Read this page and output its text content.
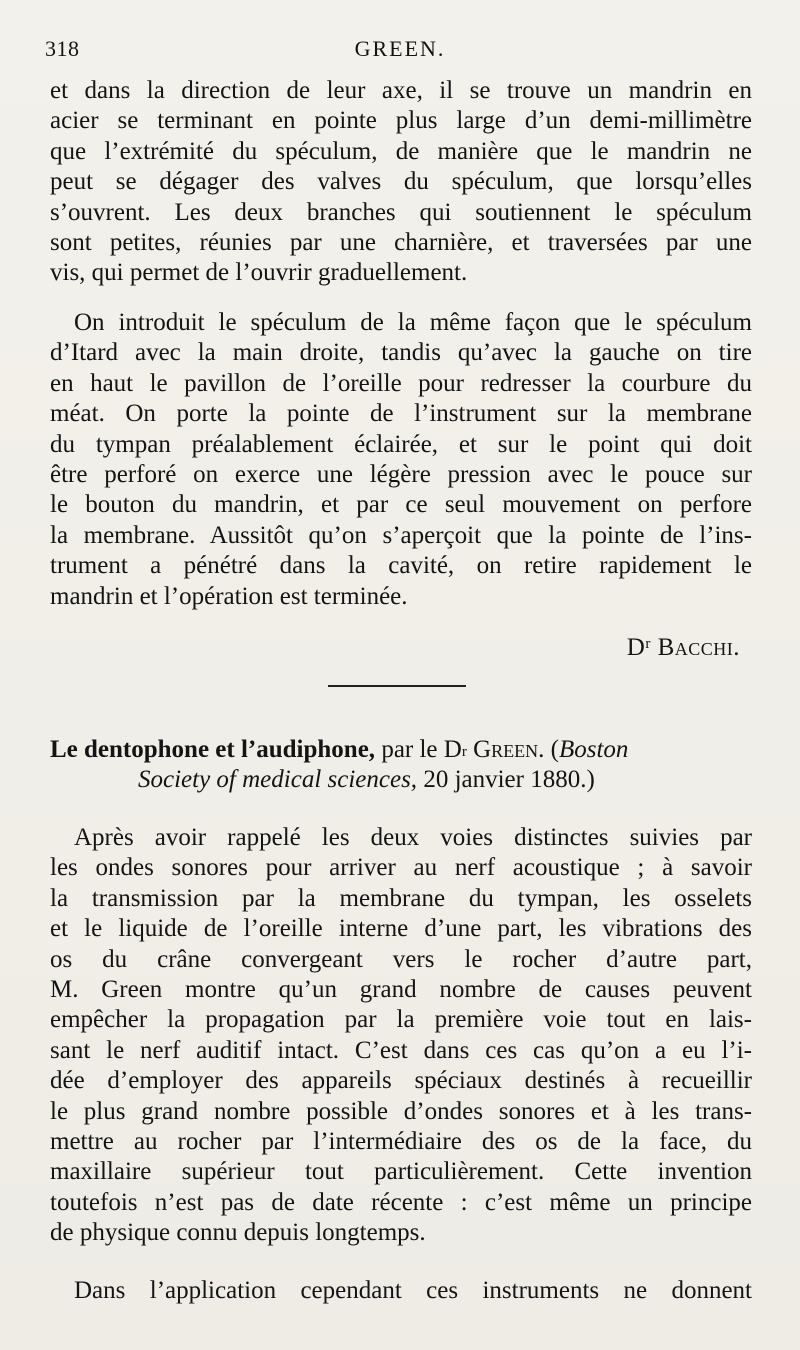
318	GREEN.

et dans la direction de leur axe, il se trouve un mandrin en
acier se terminant en pointe plus large d’un demi-millimètre
que l’extrémité du spéculum, de manière que le mandrin ne
peut se dégager des valves du spéculum, que lorsqu’elles
s’ouvrent. Les deux branches qui soutiennent le spéculum
sont petites, réunies par une charnière, et traversées par une
vis, qui permet de l’ouvrir graduellement.

On introduit le spéculum de la même façon que le spéculum
d’Itard avec la main droite, tandis qu’avec la gauche on tire
en haut le pavillon de l’oreille pour redresser la courbure du
méat. On porte la pointe de l’instrument sur la membrane
du tympan préalablement éclairée, et sur le point qui doit
être perforé on exerce une légère pression avec le pouce sur
le bouton du mandrin, et par ce seul mouvement on perfore
la membrane. Aussitôt qu’on s’aperçoit que la pointe de l’ins-
trument a pénétré dans la cavité, on retire rapidement le
mandrin et l’opération est terminée.

$D^r$ Bacchi.

Le dentophone et l’audiphone, par le $D^r$ Green. (Boston
Society of medical sciences, 20 janvier 1880.)

Après avoir rappelé les deux voies distinctes suivies par
les ondes sonores pour arriver au nerf acoustique ; à savoir
la transmission par la membrane du tympan, les osselets
et le liquide de l’oreille interne d’une part, les vibrations des
os du crâne convergeant vers le rocher d’autre part,
M. Green montre qu’un grand nombre de causes peuvent
empêcher la propagation par la première voie tout en lais-
sant le nerf auditif intact. C’est dans ces cas qu’on a eu l’i-
dée d’employer des appareils spéciaux destinés à recueillir
le plus grand nombre possible d’ondes sonores et à les trans-
mettre au rocher par l’intermédiaire des os de la face, du
maxillaire supérieur tout particulièrement. Cette invention
toutefois n’est pas de date récente : c’est même un principe
de physique connu depuis longtemps.

Dans l’application cependant ces instruments ne donnent
